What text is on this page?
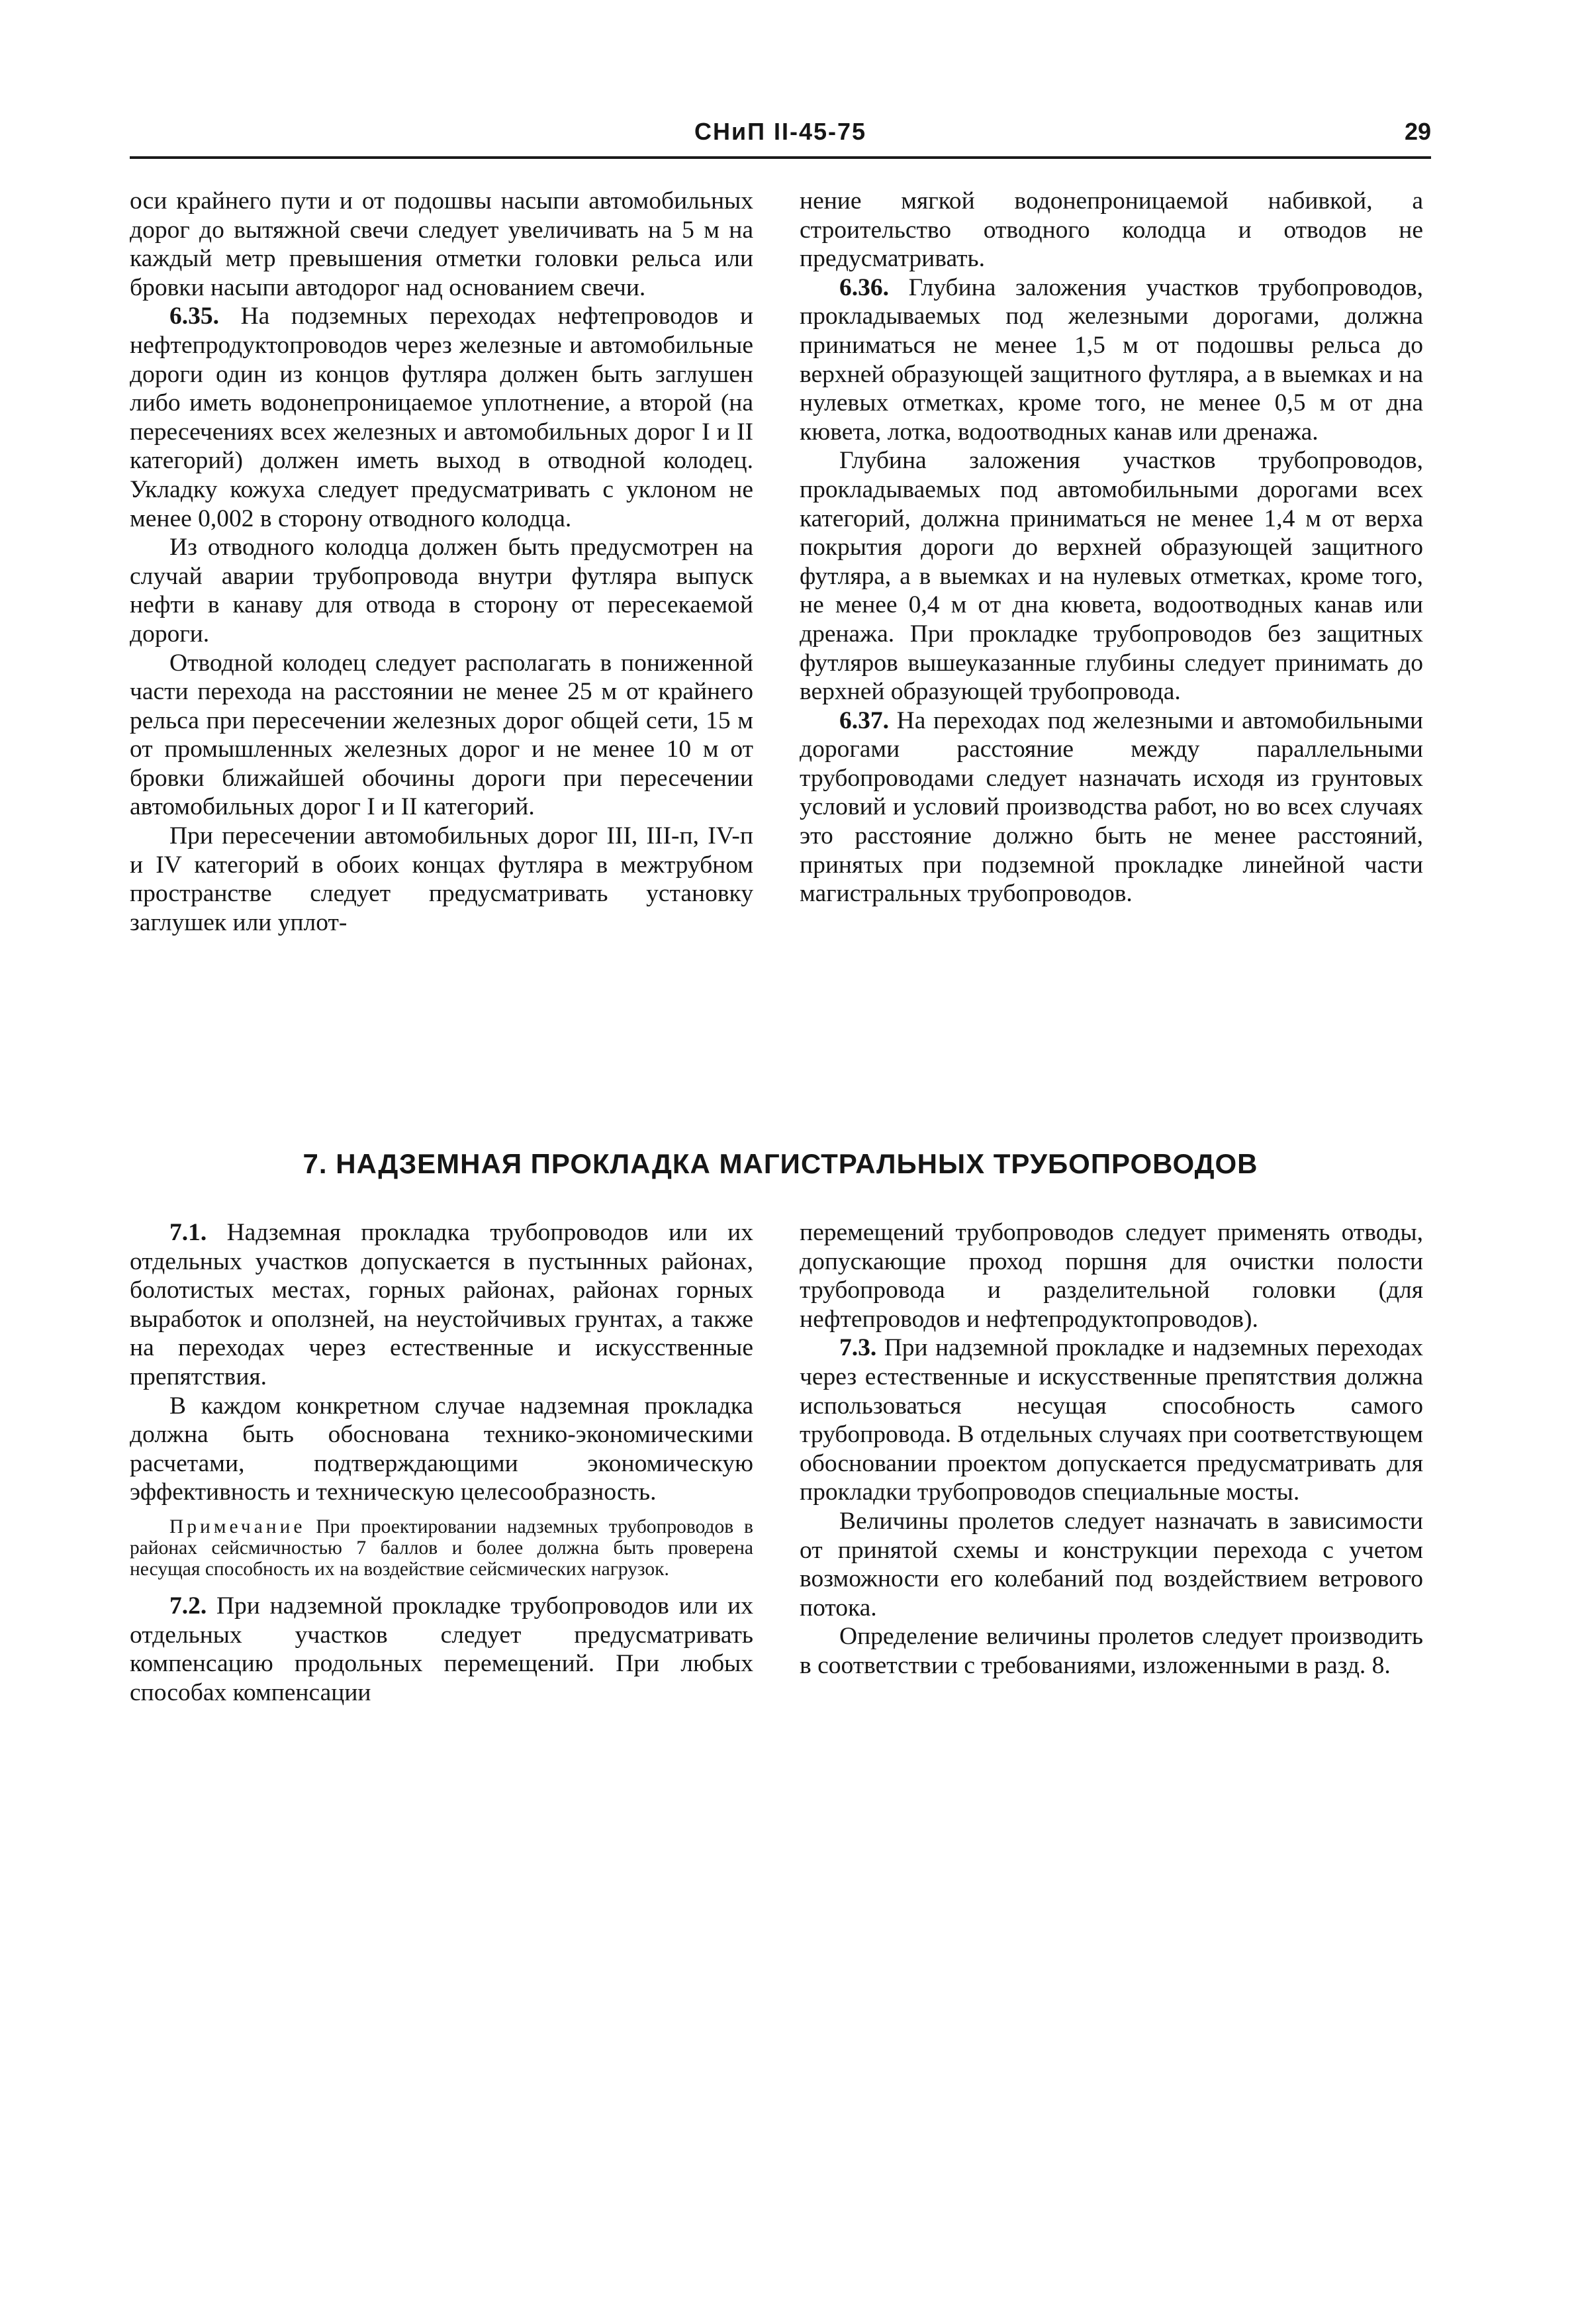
СНиП II-45-75	29

оси крайнего пути и от подошвы насыпи автомобильных дорог до вытяжной свечи следует увеличивать на 5 м на каждый метр превышения отметки головки рельса или бровки насыпи автодорог над основанием свечи.

6.35. На подземных переходах нефтепроводов и нефтепродуктопроводов через железные и автомобильные дороги один из концов футляра должен быть заглушен либо иметь водонепроницаемое уплотнение, а второй (на пересечениях всех железных и автомобильных дорог I и II категорий) должен иметь выход в отводной колодец. Укладку кожуха следует предусматривать с уклоном не менее 0,002 в сторону отводного колодца.

Из отводного колодца должен быть предусмотрен на случай аварии трубопровода внутри футляра выпуск нефти в канаву для отвода в сторону от пересекаемой дороги.

Отводной колодец следует располагать в пониженной части перехода на расстоянии не менее 25 м от крайнего рельса при пересечении железных дорог общей сети, 15 м от промышленных железных дорог и не менее 10 м от бровки ближайшей обочины дороги при пересечении автомобильных дорог I и II категорий.

При пересечении автомобильных дорог III, III-п, IV-п и IV категорий в обоих концах футляра в межтрубном пространстве следует предусматривать установку заглушек или уплот-

нение мягкой водонепроницаемой набивкой, а строительство отводного колодца и отводов не предусматривать.

6.36. Глубина заложения участков трубопроводов, прокладываемых под железными дорогами, должна приниматься не менее 1,5 м от подошвы рельса до верхней образующей защитного футляра, а в выемках и на нулевых отметках, кроме того, не менее 0,5 м от дна кювета, лотка, водоотводных канав или дренажа.

Глубина заложения участков трубопроводов, прокладываемых под автомобильными дорогами всех категорий, должна приниматься не менее 1,4 м от верха покрытия дороги до верхней образующей защитного футляра, а в выемках и на нулевых отметках, кроме того, не менее 0,4 м от дна кювета, водоотводных канав или дренажа. При прокладке трубопроводов без защитных футляров вышеуказанные глубины следует принимать до верхней образующей трубопровода.

6.37. На переходах под железными и автомобильными дорогами расстояние между параллельными трубопроводами следует назначать исходя из грунтовых условий и условий производства работ, но во всех случаях это расстояние должно быть не менее расстояний, принятых при подземной прокладке линейной части магистральных трубопроводов.

7. НАДЗЕМНАЯ ПРОКЛАДКА МАГИСТРАЛЬНЫХ ТРУБОПРОВОДОВ

7.1. Надземная прокладка трубопроводов или их отдельных участков допускается в пустынных районах, болотистых местах, горных районах, районах горных выработок и оползней, на неустойчивых грунтах, а также на переходах через естественные и искусственные препятствия.

В каждом конкретном случае надземная прокладка должна быть обоснована технико-экономическими расчетами, подтверждающими экономическую эффективность и техническую целесообразность.

Примечание При проектировании надземных трубопроводов в районах сейсмичностью 7 баллов и более должна быть проверена несущая способность их на воздействие сейсмических нагрузок.

7.2. При надземной прокладке трубопроводов или их отдельных участков следует предусматривать компенсацию продольных перемещений. При любых способах компенсации

перемещений трубопроводов следует применять отводы, допускающие проход поршня для очистки полости трубопровода и разделительной головки (для нефтепроводов и нефтепродуктопроводов).

7.3. При надземной прокладке и надземных переходах через естественные и искусственные препятствия должна использоваться несущая способность самого трубопровода. В отдельных случаях при соответствующем обосновании проектом допускается предусматривать для прокладки трубопроводов специальные мосты.

Величины пролетов следует назначать в зависимости от принятой схемы и конструкции перехода с учетом возможности его колебаний под воздействием ветрового потока.

Определение величины пролетов следует производить в соответствии с требованиями, изложенными в разд. 8.
